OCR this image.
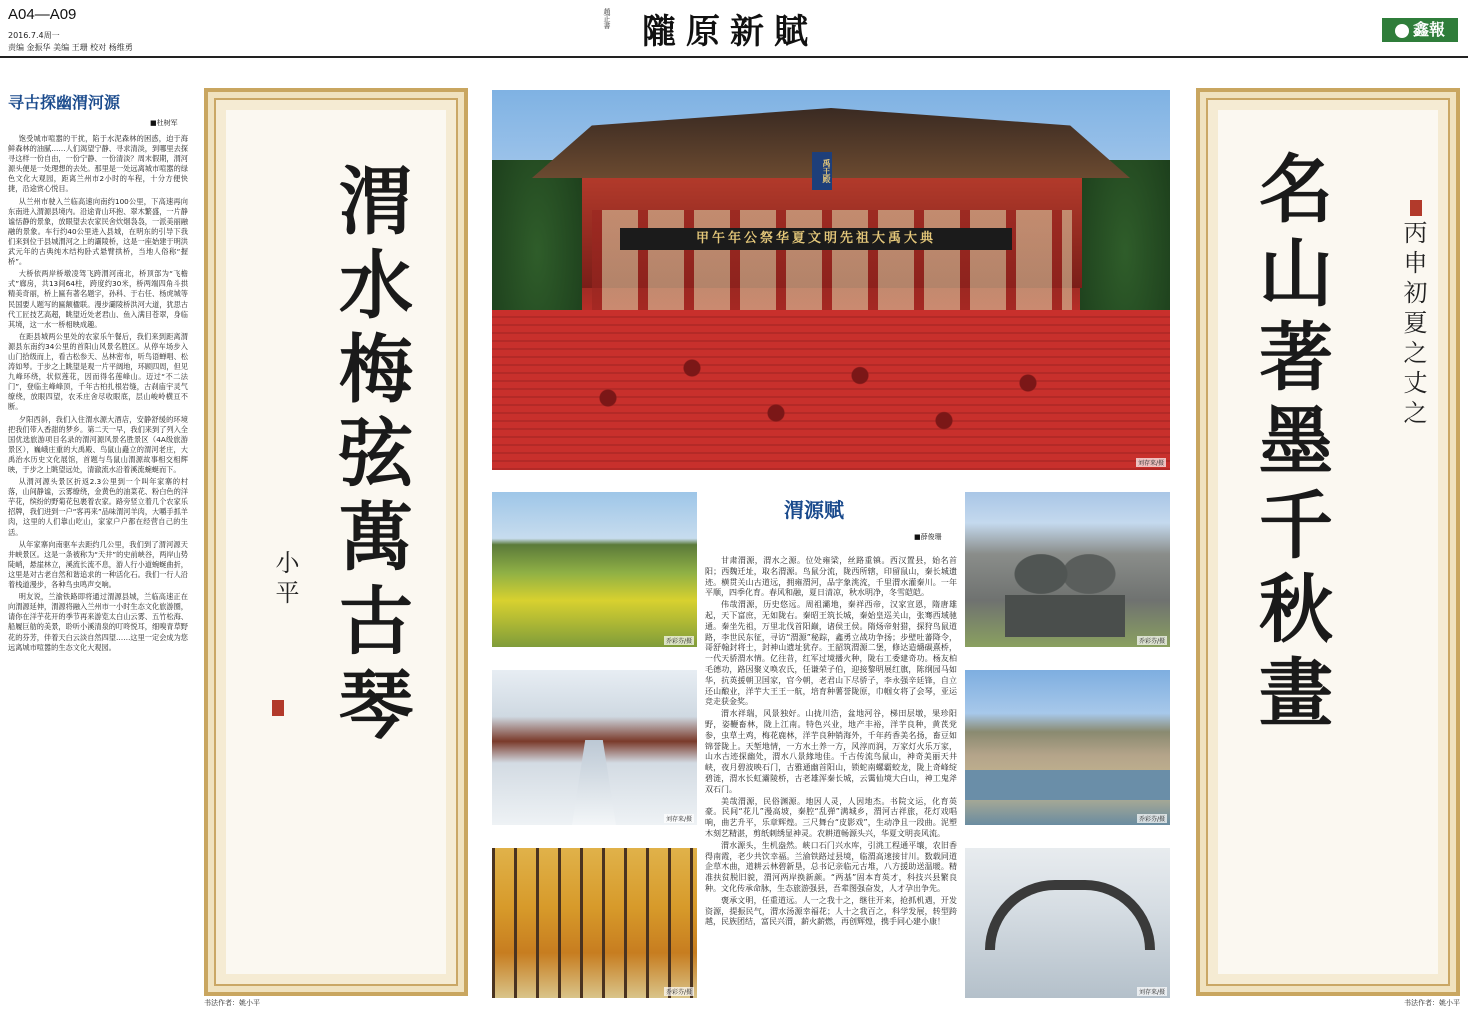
A04—A09
2016.7.4周一
责编 金振华 美编 王珊 校对 杨维勇
趙正書 隴原新賦	鑫報
寻古探幽渭河源
■杜树军

饱受城市喧嚣的干扰，陷于水泥森林的困惑，迫于海鲜森林的油腻……人们渴望宁静、寻求清淡，到哪里去探寻这样一份自由，一份宁静、一份清淡？周末假期，渭河源头便是一处理想的去处。那里是一处远离城市喧嚣的绿色文化大观园，距离兰州市2小时的车程，十分方便快捷，沿途赏心悦目。

从兰州市驶入兰临高速向南约100公里，下高速再向东南进入渭源县境内。沿途青山环抱、翠木繁盛，一片静谧恬静的景象，放眼望去农家民舍炊烟袅袅，一派美丽融融的景象。车行约40公里进入县城，在明东的引导下我们来到位于县城渭河之上的灞陵桥，这是一座始建于明洪武元年的古典纯木结构卧式悬臂拱桥，当地人俗称“握桥”。

大桥依两岸桥墩凌驾飞跨渭河南北，桥顶部为“飞檐式”廊房，共13间64柱，跨度约30米，桥两端四角斗拱精美奇丽，桥上匾有著名题字，孙科、于右任、杨虎城等民国要人题写的匾额楹联。漫步灞陵桥洪河大道，犹思古代工匠技艺高超，眺望近处老君山、鱼入满目苍翠，身临其境，这一水一桥相映成趣。

在距县城两公里处的农家乐午餐后，我们来到距离渭源县东南约34公里的首阳山风景名胜区。从停车场步入山门拾级而上，看古松参天、丛林密布，听鸟语蝉唱、松涛如琴。于步之上眺望是观一片平阔地，环顾四周，但见九峰环绕，状似莲花，因而得名莲峰山。迈过“不二法门”，登临主峰峰顶，千年古柏扎根岩缝，古刹庙宇灵气缭绕，放眼四望，农禾庄舍尽收眼底，层山峻岭横亘不断。

夕阳西斜，我们入住渭水源大酒店，安静舒缓的环境把我们带入香甜的梦乡。第二天一早，我们来到了列入全国优选旅游项目名录的渭河源风景名胜景区（4A级旅游景区），巍峨庄重的大禹殿、鸟鼠山矗立的渭河老庄，大禹治水历史文化展馆，首题与鸟鼠山渭源故事相交相辉映，于步之上眺望远处，清澈流水沿着溪流蜿蜒而下。

从渭河源头景区折返2.3公里到一个叫年家寨的村落，山间静谧，云雾缭绕，金黄色的油菜花、粉白色的洋芋花，缤纷的野菊花包裹着农家。路旁竖立着几个农家乐招牌，我们进到一户“客再来”品味渭河羊肉，大嚼手抓羊肉，这里的人们靠山吃山，家家户户都在经营自己的生活。

从年家寨向南驱车去距约几公里，我们到了渭河源天井峡景区。这是一条被称为“天井”的史前峡谷，两岸山势陡峭，悬崖林立，溪流长流不息，游人行小道蜿蜒曲折，这里是对古老自然和谐追求的一种活化石。我们一行人沿着栈道漫步，各种鸟虫鸣声交响。

明友说，兰渝铁路即将通过渭源县城，兰临高速正在向渭源延伸，渭源将融入兰州市一小时生态文化旅游圈，请你在洋芋花开的季节再来游览太白山云雾、五竹松海、船履巨舫的美景，聆听小溪清泉的叮咚悦耳，细嗅青草野花的芬芳，伴着天白云淡自然四望……这里一定会成为您远离城市喧嚣的生态文化大观园。	渭水梅弦萬古琴
小平
书法作者：姚小平
禹王殿
甲午年公祭华夏文明先祖大禹大典
刘存来/摄
乔彩芬/摄
刘存来/摄
乔彩芬/摄
渭源赋
■薛俊珊

甘肃渭源，渭水之源。位处雍梁，丝路重镇。西汉置县，始名首阳；西魏迁址，取名渭源。鸟鼠分流，陇西所辖，印留鼠山，秦长城遗迹。横贯关山古道远，拥雍渭河，品字象洮流，千里渭水灌秦川。一年平顺，四季化育。春风和融，夏日清凉，秋水明净，冬雪皑皑。

伟哉渭源，历史悠远。周祖灞地，秦祥西帝，汉家宣恩，隋唐雄起，天下富庶，无如陇右。秦昭王筑长城，秦始皇巡关山，张骞西域驰通。秦坐先祖，万里北伐首阳巅，诸侯王侯。隋炀帝射猎，探狩鸟鼠道路，李世民东征，寻访“渭源”秘踪，鑫勇立战功争扬；步壁吐蕃降令，哥舒翰封将士，封神山遗址犹存。王韶筑渭源二堡，修达造爝碳熹桥，一代天骄渭水情。亿往昔，红军过境播火种，陇右工委建奇功。杨友柏毛德功，路因聚义唤农氏，任谦荣子伯，迎接黎明展红旗，陈纲园马如华，抗英援朝卫国家，官今朝，老君山下尽骄子，李永强辛廷锋，自立还山酿业，洋芋大王王一航，培育种薯誉陇原，巾帼女将了会琴，亚运竞走获金奖。

渭水祥瑞，风景独好。山拢川浩，盆地河谷，梯田层墩，果珍阳野，姿鞭畜林，陇上江南。特色兴业，地产丰裕，洋芋良种，黄芪党参，虫草土鸡，梅花鹿林，洋芋良种销海外，千年药香美名扬，畜豆如锦誉陇上。天堑地情，一方水土养一方，风淳而润，万家灯火乐万家，山水古迹探幽处，渭水八景緣地佳。千古传流鸟鼠山，神奇美丽天井峡，夜月碧波映石门，古雅通幽首阳山，锁蛇南螺霸蛟龙，陇上奇峰绽碧涟，渭水长虹灞陵桥，古老雄浑秦长城，云霭仙境大白山，神工鬼斧双石门。

美哉渭源，民俗渊源。地因人灵，人因地杰。书院文运，化育英豪。民间“花儿”漫高坡，秦腔“乱弹”满城乡，渭河古祥旅，花灯戏唱响，曲艺升平，乐章辉煌。三尺舞台“皮影戏”，生动净且一段曲。泥塑木刻艺精湛，剪纸刺绣显神灵。农耕道畅源头兴，华夏文明丧风流。

渭水源头，生机盎然。峡口石门兴水库，引洮工程通平壤，农旧香得南霞，老少共饮幸福。兰渝铁路过县境，临渭高速接甘川。数载同道企草木曲，道耕云林碧新垦，总书记亲临元古堆，八方援助送温暖。精准扶贫脱旧貌，渭河两岸换新颜。“两基”固本育英才，科技兴县繁良种。文化传承命脉，生态旅游强县，吾辈图强奋发，人才孕出争先。

褒承文明，任重道远。人一之我十之，继往开来，抢抓机遇，开发资源，提振民气，渭水汤源幸福花；人十之我百之，科学发展，转型跨越，民族团结，富民兴渭，薪火薪燃，再创辉煌，携手同心建小康！

乔彩芬/摄
乔彩芬/摄
刘存来/摄
名山著墨千秋畫	丙申初夏之丈之
书法作者：姚小平
